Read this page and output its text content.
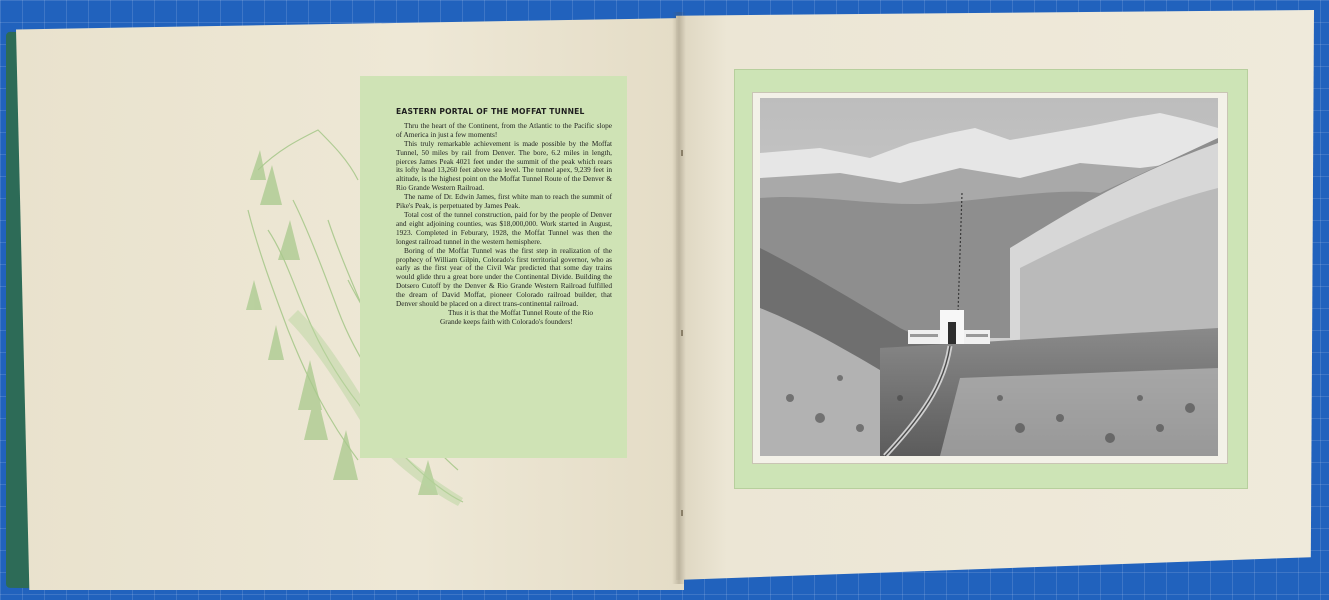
EASTERN PORTAL OF THE MOFFAT TUNNEL

Thru the heart of the Continent, from the Atlantic to the Pacific slope of America in just a few moments!

This truly remarkable achievement is made possible by the Moffat Tunnel, 50 miles by rail from Denver. The bore, 6.2 miles in length, pierces James Peak 4021 feet under the summit of the peak which rears its lofty head 13,260 feet above sea level. The tunnel apex, 9,239 feet in altitude, is the highest point on the Moffat Tunnel Route of the Denver & Rio Grande Western Railroad.

The name of Dr. Edwin James, first white man to reach the summit of Pike's Peak, is perpetuated by James Peak.

Total cost of the tunnel construction, paid for by the people of Denver and eight adjoining counties, was $18,000,000. Work started in August, 1923. Completed in Feburary, 1928, the Moffat Tunnel was then the longest railroad tunnel in the western hemisphere.

Boring of the Moffat Tunnel was the first step in realization of the prophecy of William Gilpin, Colorado's first territorial governor, who as early as the first year of the Civil War predicted that some day trains would glide thru a great bore under the Continental Divide. Building the Dotsero Cutoff by the Denver & Rio Grande Western Railroad fulfilled the dream of David Moffat, pioneer Colorado railroad builder, that Denver should be placed on a direct trans-continental railroad.

Thus it is that the Moffat Tunnel Route of the Rio Grande keeps faith with Colorado's founders!
